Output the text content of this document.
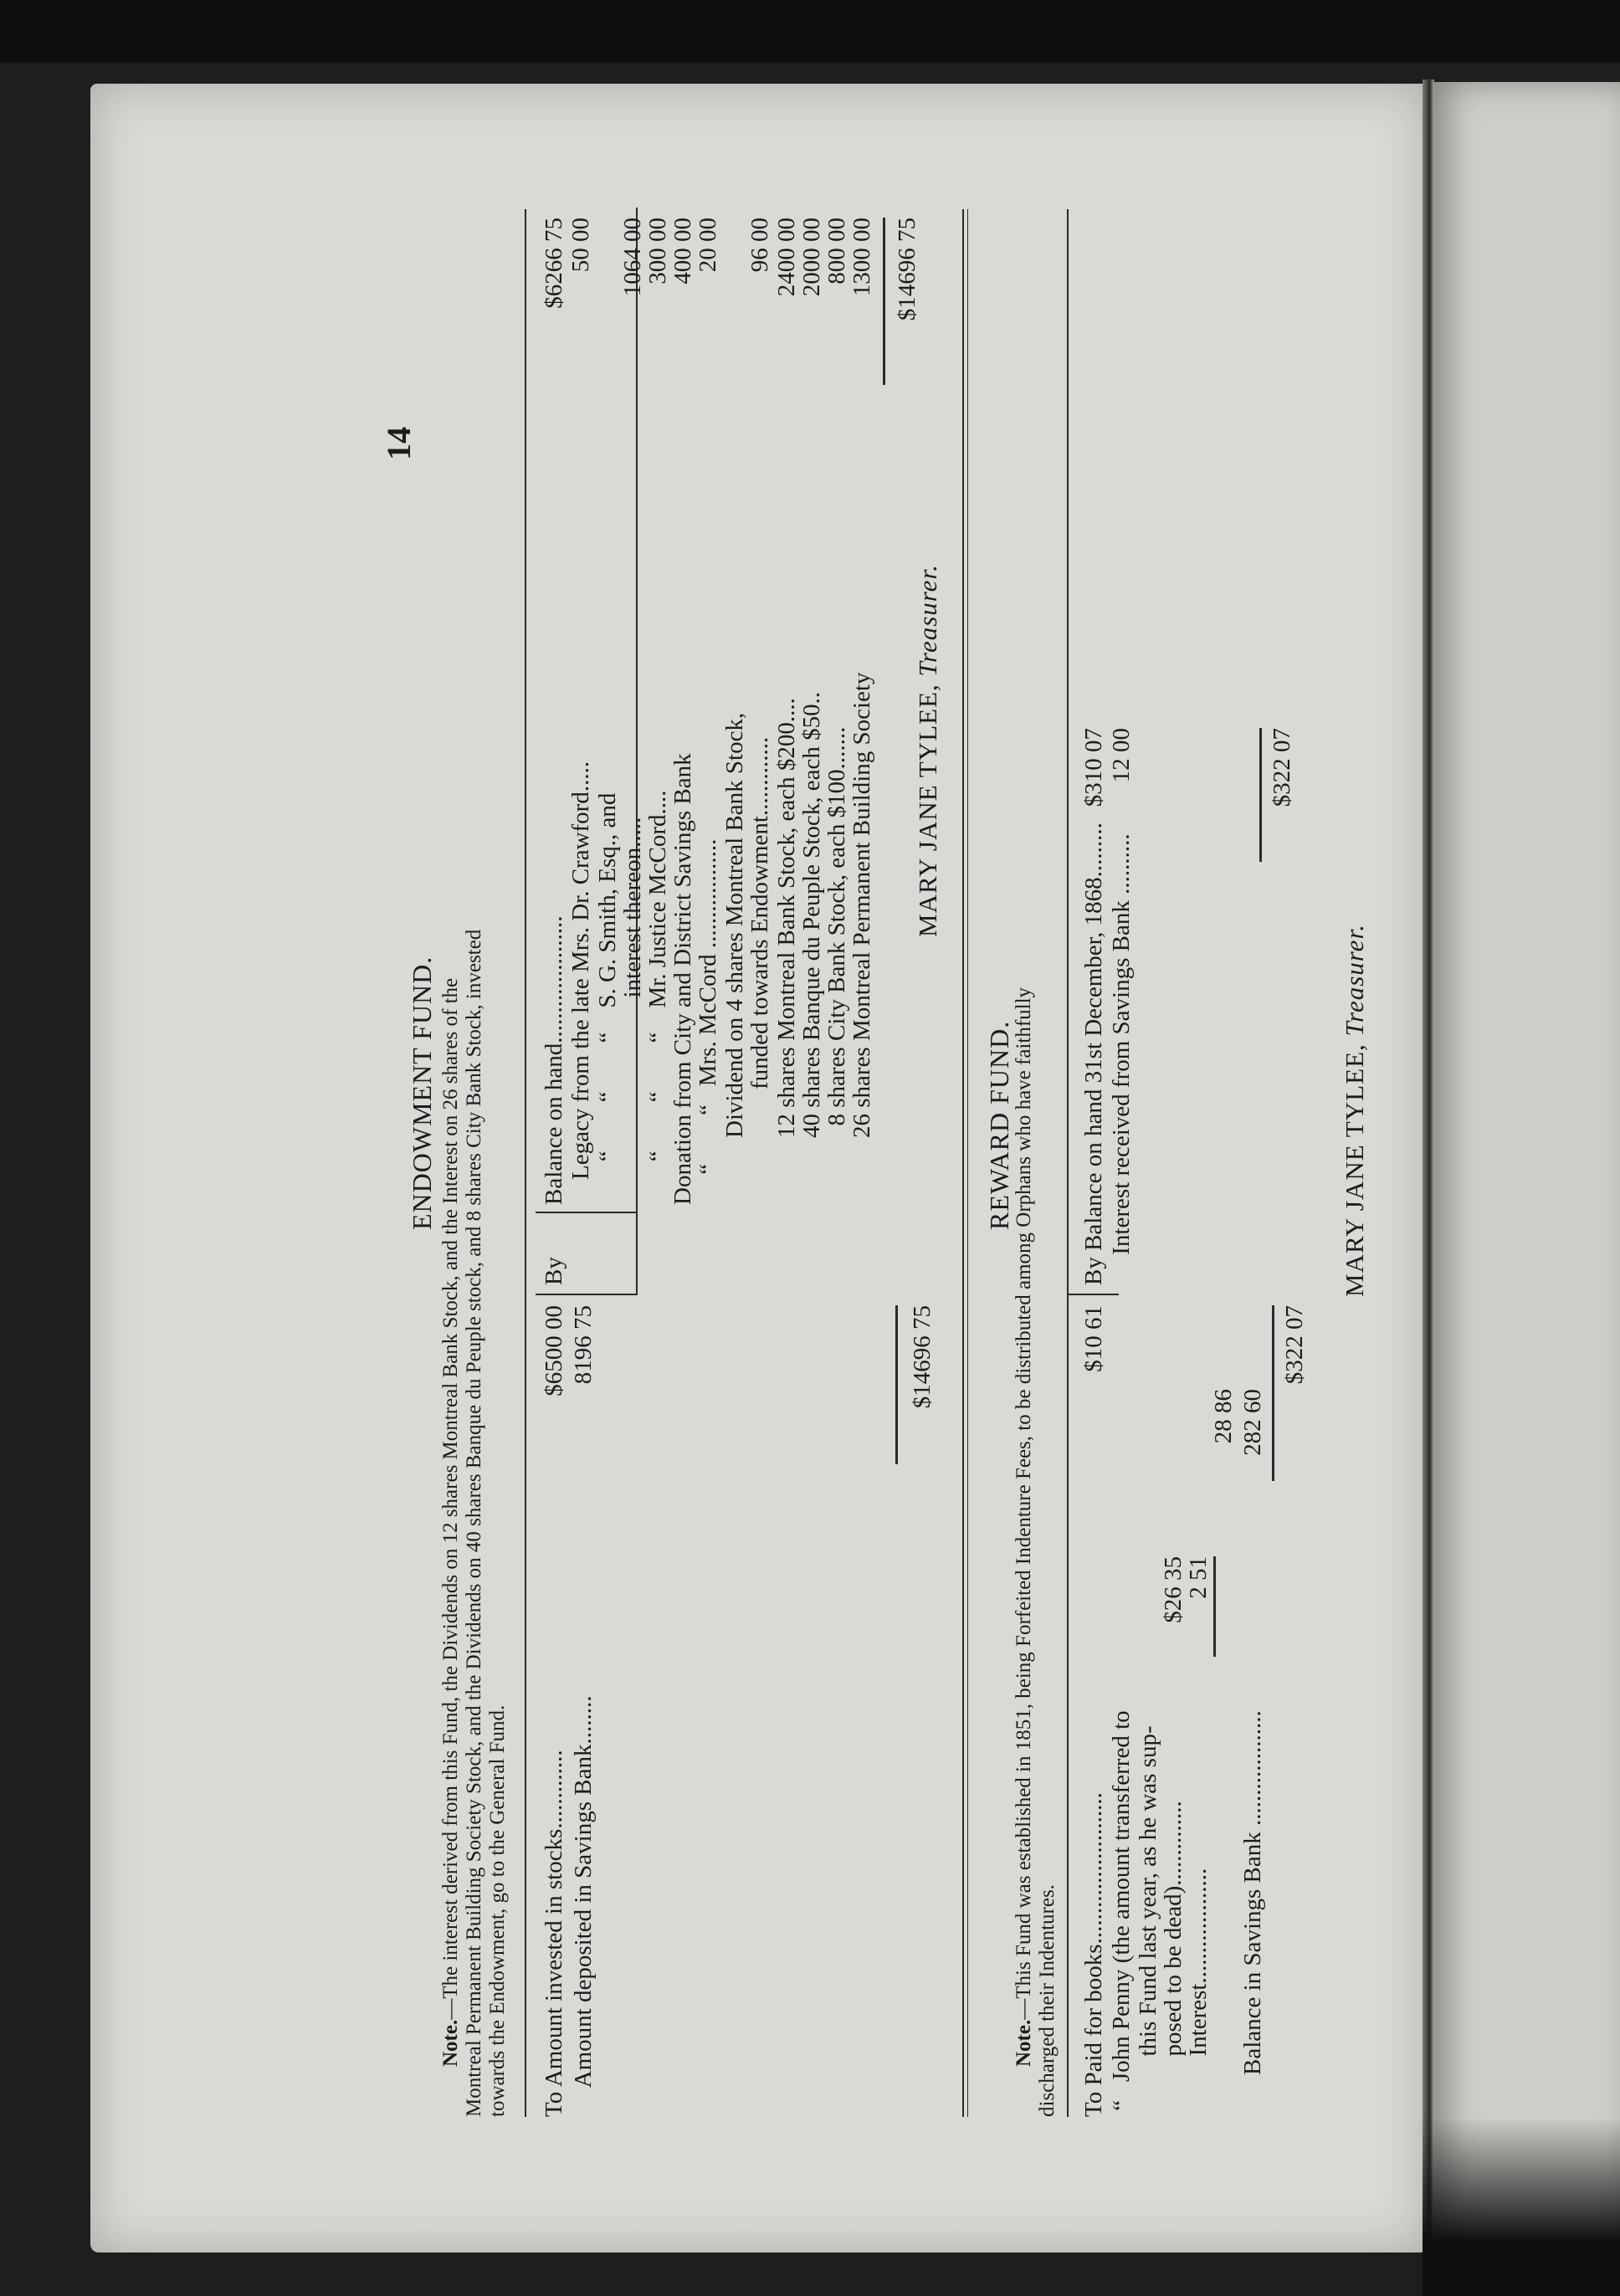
14
ENDOWMENT FUND.
Note.—The interest derived from this Fund, the Dividends on 12 shares Montreal Bank Stock, and the Interest on 26 shares of the Montreal Permanent Building Society Stock, and the Dividends on 40 shares Banque du Peuple stock, and 8 shares City Bank Stock, invested towards the Endowment, go to the General Fund. To Amount invested in stocks.............
$6500 00
Amount deposited in Savings Bank........
8196 75	$14696 75
By
Balance on hand.....................
$6266 75
Legacy from the late Mrs. Dr. Crawford.....
50 00
“        “        “    S. G. Smith, Esq., and
interest thereon.....
1064 00
“        “        “    Mr. Justice McCord....
300 00
Donation from City and District Savings Bank
400 00
“        “   Mrs. McCord ..................
20 00
Dividend on 4 shares Montreal Bank Stock,
funded towards Endowment.............
96 00
12 shares Montreal Bank Stock, each $200....
2400 00
40 shares Banque du Peuple Stock, each $50..
2000 00
8 shares City Bank Stock, each $100.......
800 00
26 shares Montreal Permanent Building Society
1300 00 $14696 75
MARY JANE TYLEE, Treasurer.
REWARD FUND.
Note.—This Fund was established in 1851, being Forfeited Indenture Fees, to be distributed among Orphans who have faithfully discharged their Indentures. To Paid for books.........................
$10 61
“   John Penny (the amount transferred to this Fund last year, as he was sup-
posed to be dead)..............
$26 35
Interest...................
2 51
28 86
Balance in Savings Bank ...................
282 60
$322 07
By Balance on hand 31st December, 1868.........
$310 07
Interest received from Savings Bank ..........
12 00	$322 07
MARY JANE TYLEE, Treasurer.
